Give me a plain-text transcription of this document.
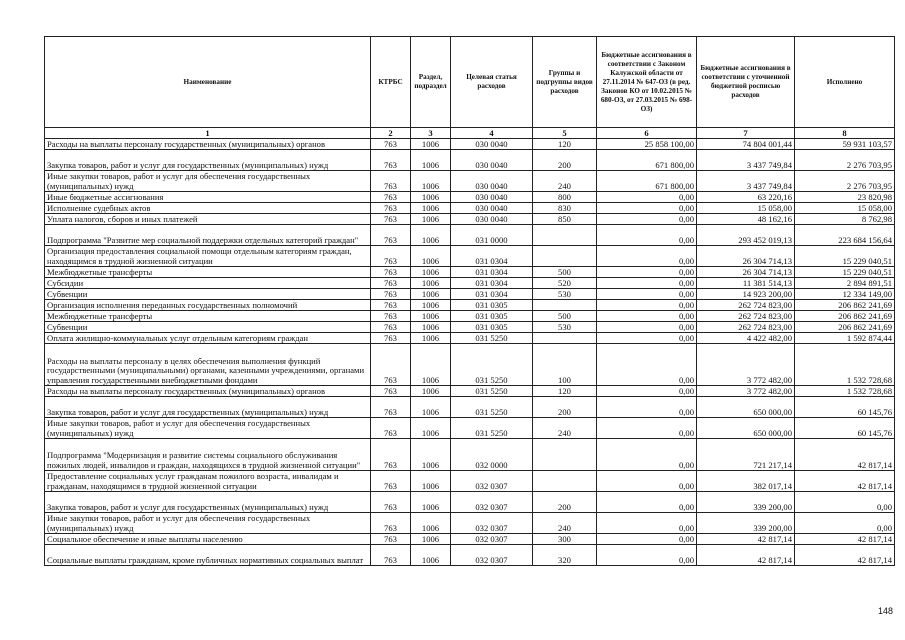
Наименование	КТРБС	Раздел, подраздел	Целевая статья расходов	Группы и подгруппы видов расходов	Бюджетные ассигнования в соответствии с Законом Калужской области от 27.11.2014 № 647-ОЗ (в ред. Законов КО от 10.02.2015 № 680-ОЗ, от 27.03.2015 № 698-ОЗ)	Бюджетные ассигнования в соответствии с уточненной бюджетной росписью расходов	Исполнено
1	2	3	4	5	6	7	8
Расходы на выплаты персоналу государственных (муниципальных) органов	763	1006	030 0040	120	25 858 100,00	74 804 001,44	59 931 103,57
Закупка товаров, работ и услуг для государственных (муниципальных) нужд	763	1006	030 0040	200	671 800,00	3 437 749,84	2 276 703,95
Иные закупки товаров, работ и услуг для обеспечения государственных (муниципальных) нужд	763	1006	030 0040	240	671 800,00	3 437 749,84	2 276 703,95
Иные бюджетные ассигнования	763	1006	030 0040	800	0,00	63 220,16	23 820,98
Исполнение судебных актов	763	1006	030 0040	830	0,00	15 058,00	15 058,00
Уплата налогов, сборов и иных платежей	763	1006	030 0040	850	0,00	48 162,16	8 762,98
Подпрограмма "Развитие мер социальной поддержки отдельных категорий граждан"	763	1006	031 0000		0,00	293 452 019,13	223 684 156,64
Организация предоставления социальной помощи отдельным категориям граждан, находящимся в трудной жизненной ситуации	763	1006	031 0304		0,00	26 304 714,13	15 229 040,51
Межбюджетные трансферты	763	1006	031 0304	500	0,00	26 304 714,13	15 229 040,51
Субсидии	763	1006	031 0304	520	0,00	11 381 514,13	2 894 891,51
Субвенции	763	1006	031 0304	530	0,00	14 923 200,00	12 334 149,00
Организация исполнения переданных государственных полномочий	763	1006	031 0305		0,00	262 724 823,00	206 862 241,69
Межбюджетные трансферты	763	1006	031 0305	500	0,00	262 724 823,00	206 862 241,69
Субвенции	763	1006	031 0305	530	0,00	262 724 823,00	206 862 241,69
Оплата жилищно-коммунальных услуг отдельным категориям граждан	763	1006	031 5250		0,00	4 422 482,00	1 592 874,44
Расходы на выплаты персоналу в целях обеспечения выполнения функций государственными (муниципальными) органами, казенными учреждениями, органами управления государственными внебюджетными фондами	763	1006	031 5250	100	0,00	3 772 482,00	1 532 728,68
Расходы на выплаты персоналу государственных (муниципальных) органов	763	1006	031 5250	120	0,00	3 772 482,00	1 532 728,68
Закупка товаров, работ и услуг для государственных (муниципальных) нужд	763	1006	031 5250	200	0,00	650 000,00	60 145,76
Иные закупки товаров, работ и услуг для обеспечения государственных (муниципальных) нужд	763	1006	031 5250	240	0,00	650 000,00	60 145,76
Подпрограмма "Модернизация и развитие системы социального обслуживания пожилых людей, инвалидов и граждан, находящихся в трудной жизненной ситуации"	763	1006	032 0000		0,00	721 217,14	42 817,14
Предоставление социальных услуг гражданам пожилого возраста, инвалидам и гражданам, находящимся в трудной жизненной ситуации	763	1006	032 0307		0,00	382 017,14	42 817,14
Закупка товаров, работ и услуг для государственных (муниципальных) нужд	763	1006	032 0307	200	0,00	339 200,00	0,00
Иные закупки товаров, работ и услуг для обеспечения государственных (муниципальных) нужд	763	1006	032 0307	240	0,00	339 200,00	0,00
Социальное обеспечение и иные выплаты населению	763	1006	032 0307	300	0,00	42 817,14	42 817,14
Социальные выплаты гражданам, кроме публичных нормативных социальных выплат	763	1006	032 0307	320	0,00	42 817,14	42 817,14
148
